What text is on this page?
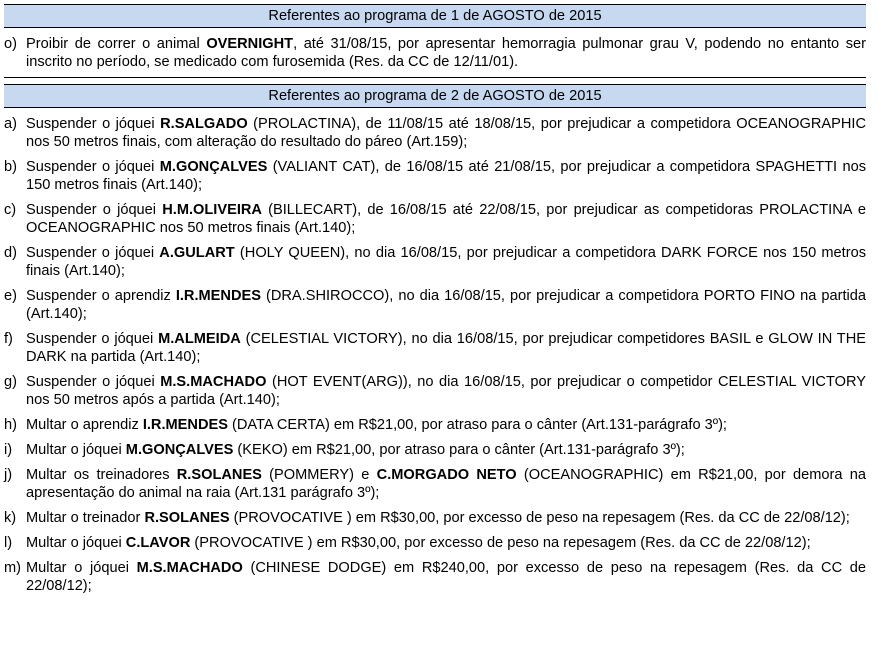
Referentes ao programa de 1 de AGOSTO de 2015
o) Proibir de correr o animal OVERNIGHT, até 31/08/15, por apresentar hemorragia pulmonar grau V, podendo no entanto ser inscrito no período, se medicado com furosemida (Res. da CC de 12/11/01).
Referentes ao programa de 2 de AGOSTO de 2015
a) Suspender o jóquei R.SALGADO (PROLACTINA), de 11/08/15 até 18/08/15, por prejudicar a competidora OCEANOGRAPHIC nos 50 metros finais, com alteração do resultado do páreo (Art.159);
b) Suspender o jóquei M.GONÇALVES (VALIANT CAT), de 16/08/15 até 21/08/15, por prejudicar a competidora SPAGHETTI nos 150 metros finais (Art.140);
c) Suspender o jóquei H.M.OLIVEIRA (BILLECART), de 16/08/15 até 22/08/15, por prejudicar as competidoras PROLACTINA e OCEANOGRAPHIC nos 50 metros finais (Art.140);
d) Suspender o jóquei A.GULART (HOLY QUEEN), no dia 16/08/15, por prejudicar a competidora DARK FORCE nos 150 metros finais (Art.140);
e) Suspender o aprendiz I.R.MENDES (DRA.SHIROCCO), no dia 16/08/15, por prejudicar a competidora PORTO FINO na partida (Art.140);
f) Suspender o jóquei M.ALMEIDA (CELESTIAL VICTORY), no dia 16/08/15, por prejudicar competidores BASIL e GLOW IN THE DARK na partida (Art.140);
g) Suspender o jóquei M.S.MACHADO (HOT EVENT(ARG)), no dia 16/08/15, por prejudicar o competidor CELESTIAL VICTORY nos 50 metros após a partida (Art.140);
h) Multar o aprendiz I.R.MENDES (DATA CERTA) em R$21,00, por atraso para o cânter (Art.131-parágrafo 3º);
i) Multar o jóquei M.GONÇALVES (KEKO) em R$21,00, por atraso para o cânter (Art.131-parágrafo 3º);
j) Multar os treinadores R.SOLANES (POMMERY) e C.MORGADO NETO (OCEANOGRAPHIC) em R$21,00, por demora na apresentação do animal na raia (Art.131 parágrafo 3º);
k) Multar o treinador R.SOLANES (PROVOCATIVE ) em R$30,00, por excesso de peso na repesagem (Res. da CC de 22/08/12);
l) Multar o jóquei C.LAVOR (PROVOCATIVE ) em R$30,00, por excesso de peso na repesagem (Res. da CC de 22/08/12);
m) Multar o jóquei M.S.MACHADO (CHINESE DODGE) em R$240,00, por excesso de peso na repesagem (Res. da CC de 22/08/12);
